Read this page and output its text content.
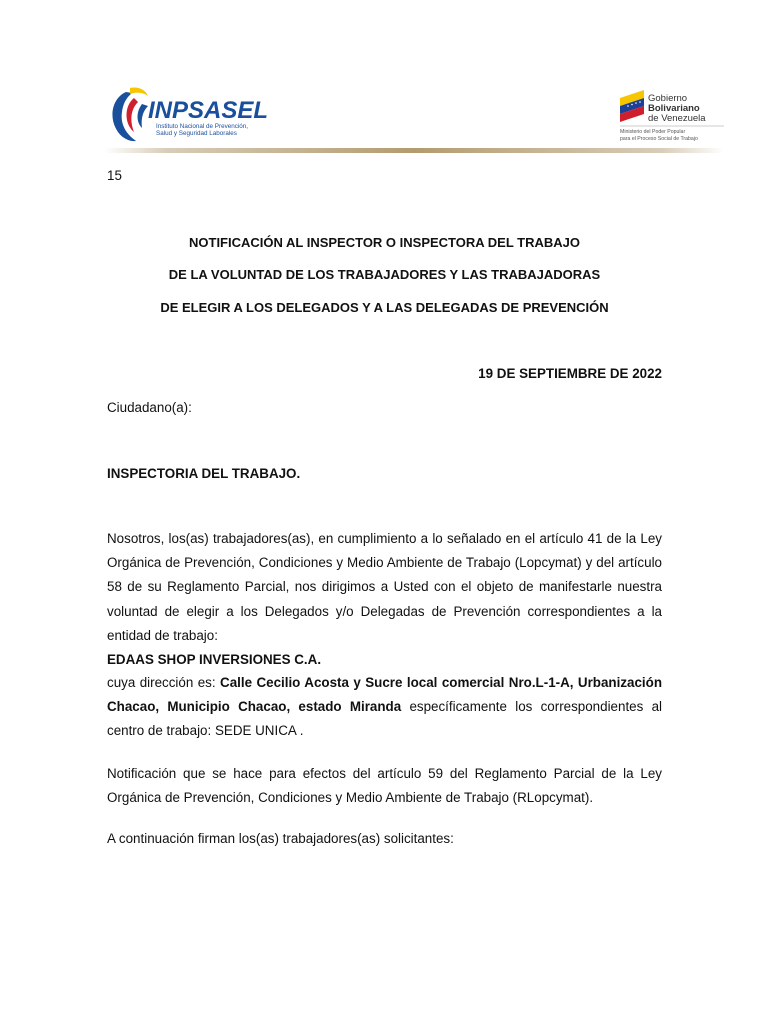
INPSASEL
Instituto Nacional de Prevención,
Salud y Seguridad Laborales
Gobierno
Bolivariano
de Venezuela
Ministerio del Poder Popular
para el Proceso Social de Trabajo
15
NOTIFICACIÓN AL INSPECTOR O INSPECTORA DEL TRABAJO
DE LA VOLUNTAD DE LOS TRABAJADORES Y LAS TRABAJADORAS
DE ELEGIR A LOS DELEGADOS Y A LAS DELEGADAS DE PREVENCIÓN
19 DE SEPTIEMBRE DE 2022
Ciudadano(a):
INSPECTORIA DEL TRABAJO.
Nosotros, los(as) trabajadores(as), en cumplimiento a lo señalado en el artículo 41 de la Ley Orgánica de Prevención, Condiciones y Medio Ambiente de Trabajo (Lopcymat) y del artículo 58 de su Reglamento Parcial, nos dirigimos a Usted con el objeto de manifestarle nuestra voluntad de elegir a los Delegados y/o Delegadas de Prevención correspondientes a la entidad de trabajo:
EDAAS SHOP INVERSIONES C.A.
cuya dirección es: Calle Cecilio Acosta y Sucre local comercial Nro.L-1-A, Urbanización Chacao, Municipio Chacao, estado Miranda específicamente los correspondientes al centro de trabajo: SEDE UNICA .
Notificación que se hace para efectos del artículo 59 del Reglamento Parcial de la Ley Orgánica de Prevención, Condiciones y Medio Ambiente de Trabajo (RLopcymat).
A continuación firman los(as) trabajadores(as) solicitantes:
